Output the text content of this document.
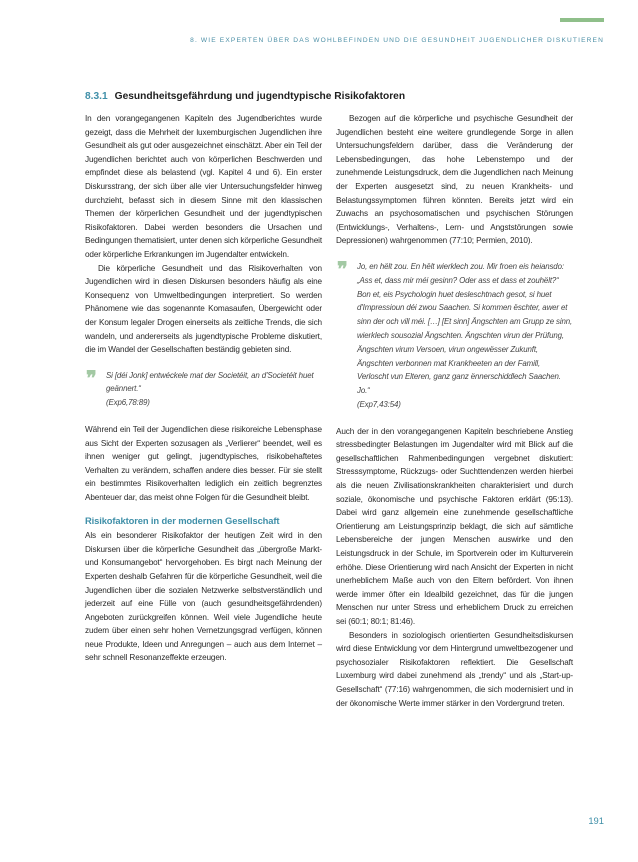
8. WIE EXPERTEN ÜBER DAS WOHLBEFINDEN UND DIE GESUNDHEIT JUGENDLICHER DISKUTIEREN
8.3.1 Gesundheitsgefährdung und jugendtypische Risikofaktoren

In den vorangegangenen Kapiteln des Jugendberichtes wurde gezeigt, dass die Mehrheit der luxemburgischen Jugendlichen ihre Gesundheit als gut oder ausgezeichnet einschätzt. Aber ein Teil der Jugendlichen berichtet auch von körperlichen Beschwerden und empfindet diese als belastend (vgl. Kapitel 4 und 6). Ein erster Diskursstrang, der sich über alle vier Untersuchungsfelder hinweg durchzieht, befasst sich in diesem Sinne mit den klassischen Themen der körperlichen Gesundheit und der jugendtypischen Risikofaktoren. Dabei werden besonders die Ursachen und Bedingungen thematisiert, unter denen sich körperliche Gesundheit oder körperliche Erkrankungen im Jugendalter entwickeln.

Die körperliche Gesundheit und das Risikoverhalten von Jugendlichen wird in diesen Diskursen besonders häufig als eine Konsequenz von Umweltbedingungen interpretiert. So werden Phänomene wie das sogenannte Komasaufen, Übergewicht oder der Konsum legaler Drogen einerseits als zeitliche Trends, die sich wandeln, und andererseits als jugendtypische Probleme diskutiert, die im Wandel der Gesellschaften beständig gebieten sind.

❞ Si [déi Jonk] entwéckele mat der Societéit, an d'Societéit huet geännert.“
(Exp6,78:89)

Während ein Teil der Jugendlichen diese risikoreiche Lebensphase aus Sicht der Experten sozusagen als „Verlierer“ beendet, weil es ihnen weniger gut gelingt, jugendtypisches, risikobehaftetes Verhalten zu verändern, schaffen andere dies besser. Für sie stellt ein bestimmtes Risikoverhalten lediglich ein zeitlich begrenztes Abenteuer dar, das meist ohne Folgen für die Gesundheit bleibt.

Risikofaktoren in der modernen Gesellschaft

Als ein besonderer Risikofaktor der heutigen Zeit wird in den Diskursen über die körperliche Gesundheit das „übergroße Markt- und Konsumangebot“ hervorgehoben. Es birgt nach Meinung der Experten deshalb Gefahren für die körperliche Gesundheit, weil die Jugendlichen über die sozialen Netzwerke selbstverständlich und jederzeit auf eine Fülle von (auch gesundheitsgefährdenden) Angeboten zurückgreifen können. Weil viele Jugendliche heute zudem über einen sehr hohen Vernetzungsgrad verfügen, können neue Produkte, Ideen und Anregungen – auch aus dem Internet – sehr schnell Resonanzeffekte erzeugen.

Bezogen auf die körperliche und psychische Gesundheit der Jugendlichen besteht eine weitere grundlegende Sorge in allen Untersuchungsfeldern darüber, dass die Veränderung der Lebensbedingungen, das hohe Lebenstempo und der zunehmende Leistungsdruck, dem die Jugendlichen nach Meinung der Experten ausgesetzt sind, zu neuen Krankheits- und Belastungssymptomen führen könnten. Bereits jetzt wird ein Zuwachs an psychosomatischen und psychischen Störungen (Entwicklungs-, Verhaltens-, Lern- und Angststörungen sowie Depressionen) wahrgenommen (77:10; Permien, 2010).

❞ Jo, en hëlt zou. En hëlt wierklech zou. Mir froen eis heiansdo: „Ass et, dass mir méi gesinn? Oder ass et dass et zouhëlt?“ Bon et, eis Psychologin huet desleschtnach gesot, si huet d'Impressioun déi zwou Saachen. Si kommen ëschter, awer et sinn der och vill méi. […] [Et sinn] Ängschten am Grupp ze sinn, wierklech sousozial Ängschten. Ängschten virun der Prüfung, Ängschten virum Versoen, virun ongewësser Zukunft, Ängschten verbonnen mat Krankheeten an der Famill, Verloscht vun Elteren, ganz ganz ënnerschiddlech Saachen. Jo.“
(Exp7,43:54)

Auch der in den vorangegangenen Kapiteln beschriebene Anstieg stressbedingter Belastungen im Jugendalter wird mit Blick auf die gesellschaftlichen Rahmenbedingungen vergebnet diskutiert: Stresssymptome, Rückzugs- oder Suchttendenzen werden hierbei als die neuen Zivilisationskrankheiten charakterisiert und durch soziale, ökonomische und psychische Faktoren erklärt (95:13). Dabei wird ganz allgemein eine zunehmende gesellschaftliche Orientierung am Leistungsprinzip beklagt, die sich auf sämtliche Lebensbereiche der jungen Menschen auswirke und den Leistungsdruck in der Schule, im Sportverein oder im Kulturverein erhöhe. Diese Orientierung wird nach Ansicht der Experten in nicht unerheblichem Maße auch von den Eltern befördert. Von ihnen werde immer öfter ein Idealbild gezeichnet, das für die jungen Menschen nur unter Stress und erheblichem Druck zu erreichen sei (60:1; 80:1; 81:46).

Besonders in soziologisch orientierten Gesundheitsdiskursen wird diese Entwicklung vor dem Hintergrund umweltbezogener und psychosozialer Risikofaktoren reflektiert. Die Gesellschaft Luxemburg wird dabei zunehmend als „trendy“ und als „Start-up-Gesellschaft“ (77:16) wahrgenommen, die sich modernisiert und in der ökonomische Werte immer stärker in den Vordergrund treten.

191
